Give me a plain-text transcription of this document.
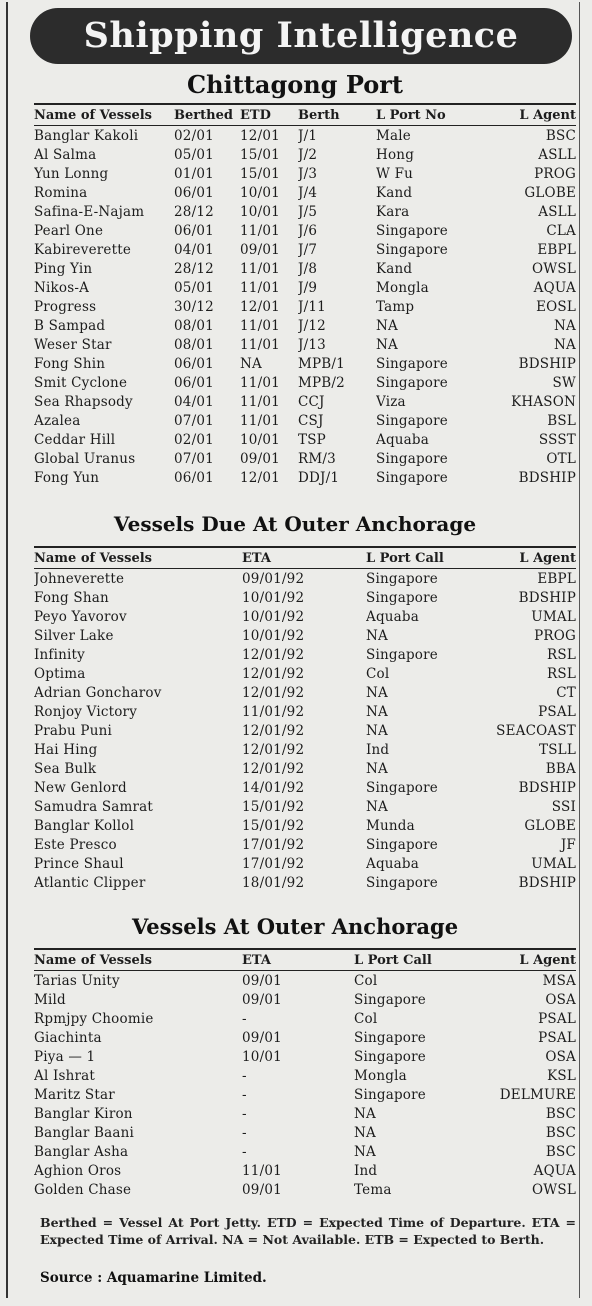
Shipping Intelligence
Chittagong Port
Name of Vessels	Berthed	ETD	Berth	L Port No	L Agent
Banglar Kakoli	02/01	12/01	J/1	Male	BSC
Al Salma	05/01	15/01	J/2	Hong	ASLL
Yun Lonng	01/01	15/01	J/3	W Fu	PROG
Romina	06/01	10/01	J/4	Kand	GLOBE
Safina-E-Najam	28/12	10/01	J/5	Kara	ASLL
Pearl One	06/01	11/01	J/6	Singapore	CLA
Kabireverette	04/01	09/01	J/7	Singapore	EBPL
Ping Yin	28/12	11/01	J/8	Kand	OWSL
Nikos-A	05/01	11/01	J/9	Mongla	AQUA
Progress	30/12	12/01	J/11	Tamp	EOSL
B Sampad	08/01	11/01	J/12	NA	NA
Weser Star	08/01	11/01	J/13	NA	NA
Fong Shin	06/01	NA	MPB/1	Singapore	BDSHIP
Smit Cyclone	06/01	11/01	MPB/2	Singapore	SW
Sea Rhapsody	04/01	11/01	CCJ	Viza	KHASON
Azalea	07/01	11/01	CSJ	Singapore	BSL
Ceddar Hill	02/01	10/01	TSP	Aquaba	SSST
Global Uranus	07/01	09/01	RM/3	Singapore	OTL
Fong Yun	06/01	12/01	DDJ/1	Singapore	BDSHIP
Vessels Due At Outer Anchorage
Name of Vessels	ETA	L Port Call	L Agent
Johneverette	09/01/92	Singapore	EBPL
Fong Shan	10/01/92	Singapore	BDSHIP
Peyo Yavorov	10/01/92	Aquaba	UMAL
Silver Lake	10/01/92	NA	PROG
Infinity	12/01/92	Singapore	RSL
Optima	12/01/92	Col	RSL
Adrian Goncharov	12/01/92	NA	CT
Ronjoy Victory	11/01/92	NA	PSAL
Prabu Puni	12/01/92	NA	SEACOAST
Hai Hing	12/01/92	Ind	TSLL
Sea Bulk	12/01/92	NA	BBA
New Genlord	14/01/92	Singapore	BDSHIP
Samudra Samrat	15/01/92	NA	SSI
Banglar Kollol	15/01/92	Munda	GLOBE
Este Presco	17/01/92	Singapore	JF
Prince Shaul	17/01/92	Aquaba	UMAL
Atlantic Clipper	18/01/92	Singapore	BDSHIP
Vessels At Outer Anchorage
Name of Vessels	ETA	L Port Call	L Agent
Tarias Unity	09/01	Col	MSA
Mild	09/01	Singapore	OSA
Rpmjpy Choomie	-	Col	PSAL
Giachinta	09/01	Singapore	PSAL
Piya — 1	10/01	Singapore	OSA
Al Ishrat	-	Mongla	KSL
Maritz Star	-	Singapore	DELMURE
Banglar Kiron	-	NA	BSC
Banglar Baani	-	NA	BSC
Banglar Asha	-	NA	BSC
Aghion Oros	11/01	Ind	AQUA
Golden Chase	09/01	Tema	OWSL
Berthed = Vessel At Port Jetty. ETD = Expected Time of Departure. ETA = Expected Time of Arrival. NA = Not Available. ETB = Expected to Berth.
Source : Aquamarine Limited.
